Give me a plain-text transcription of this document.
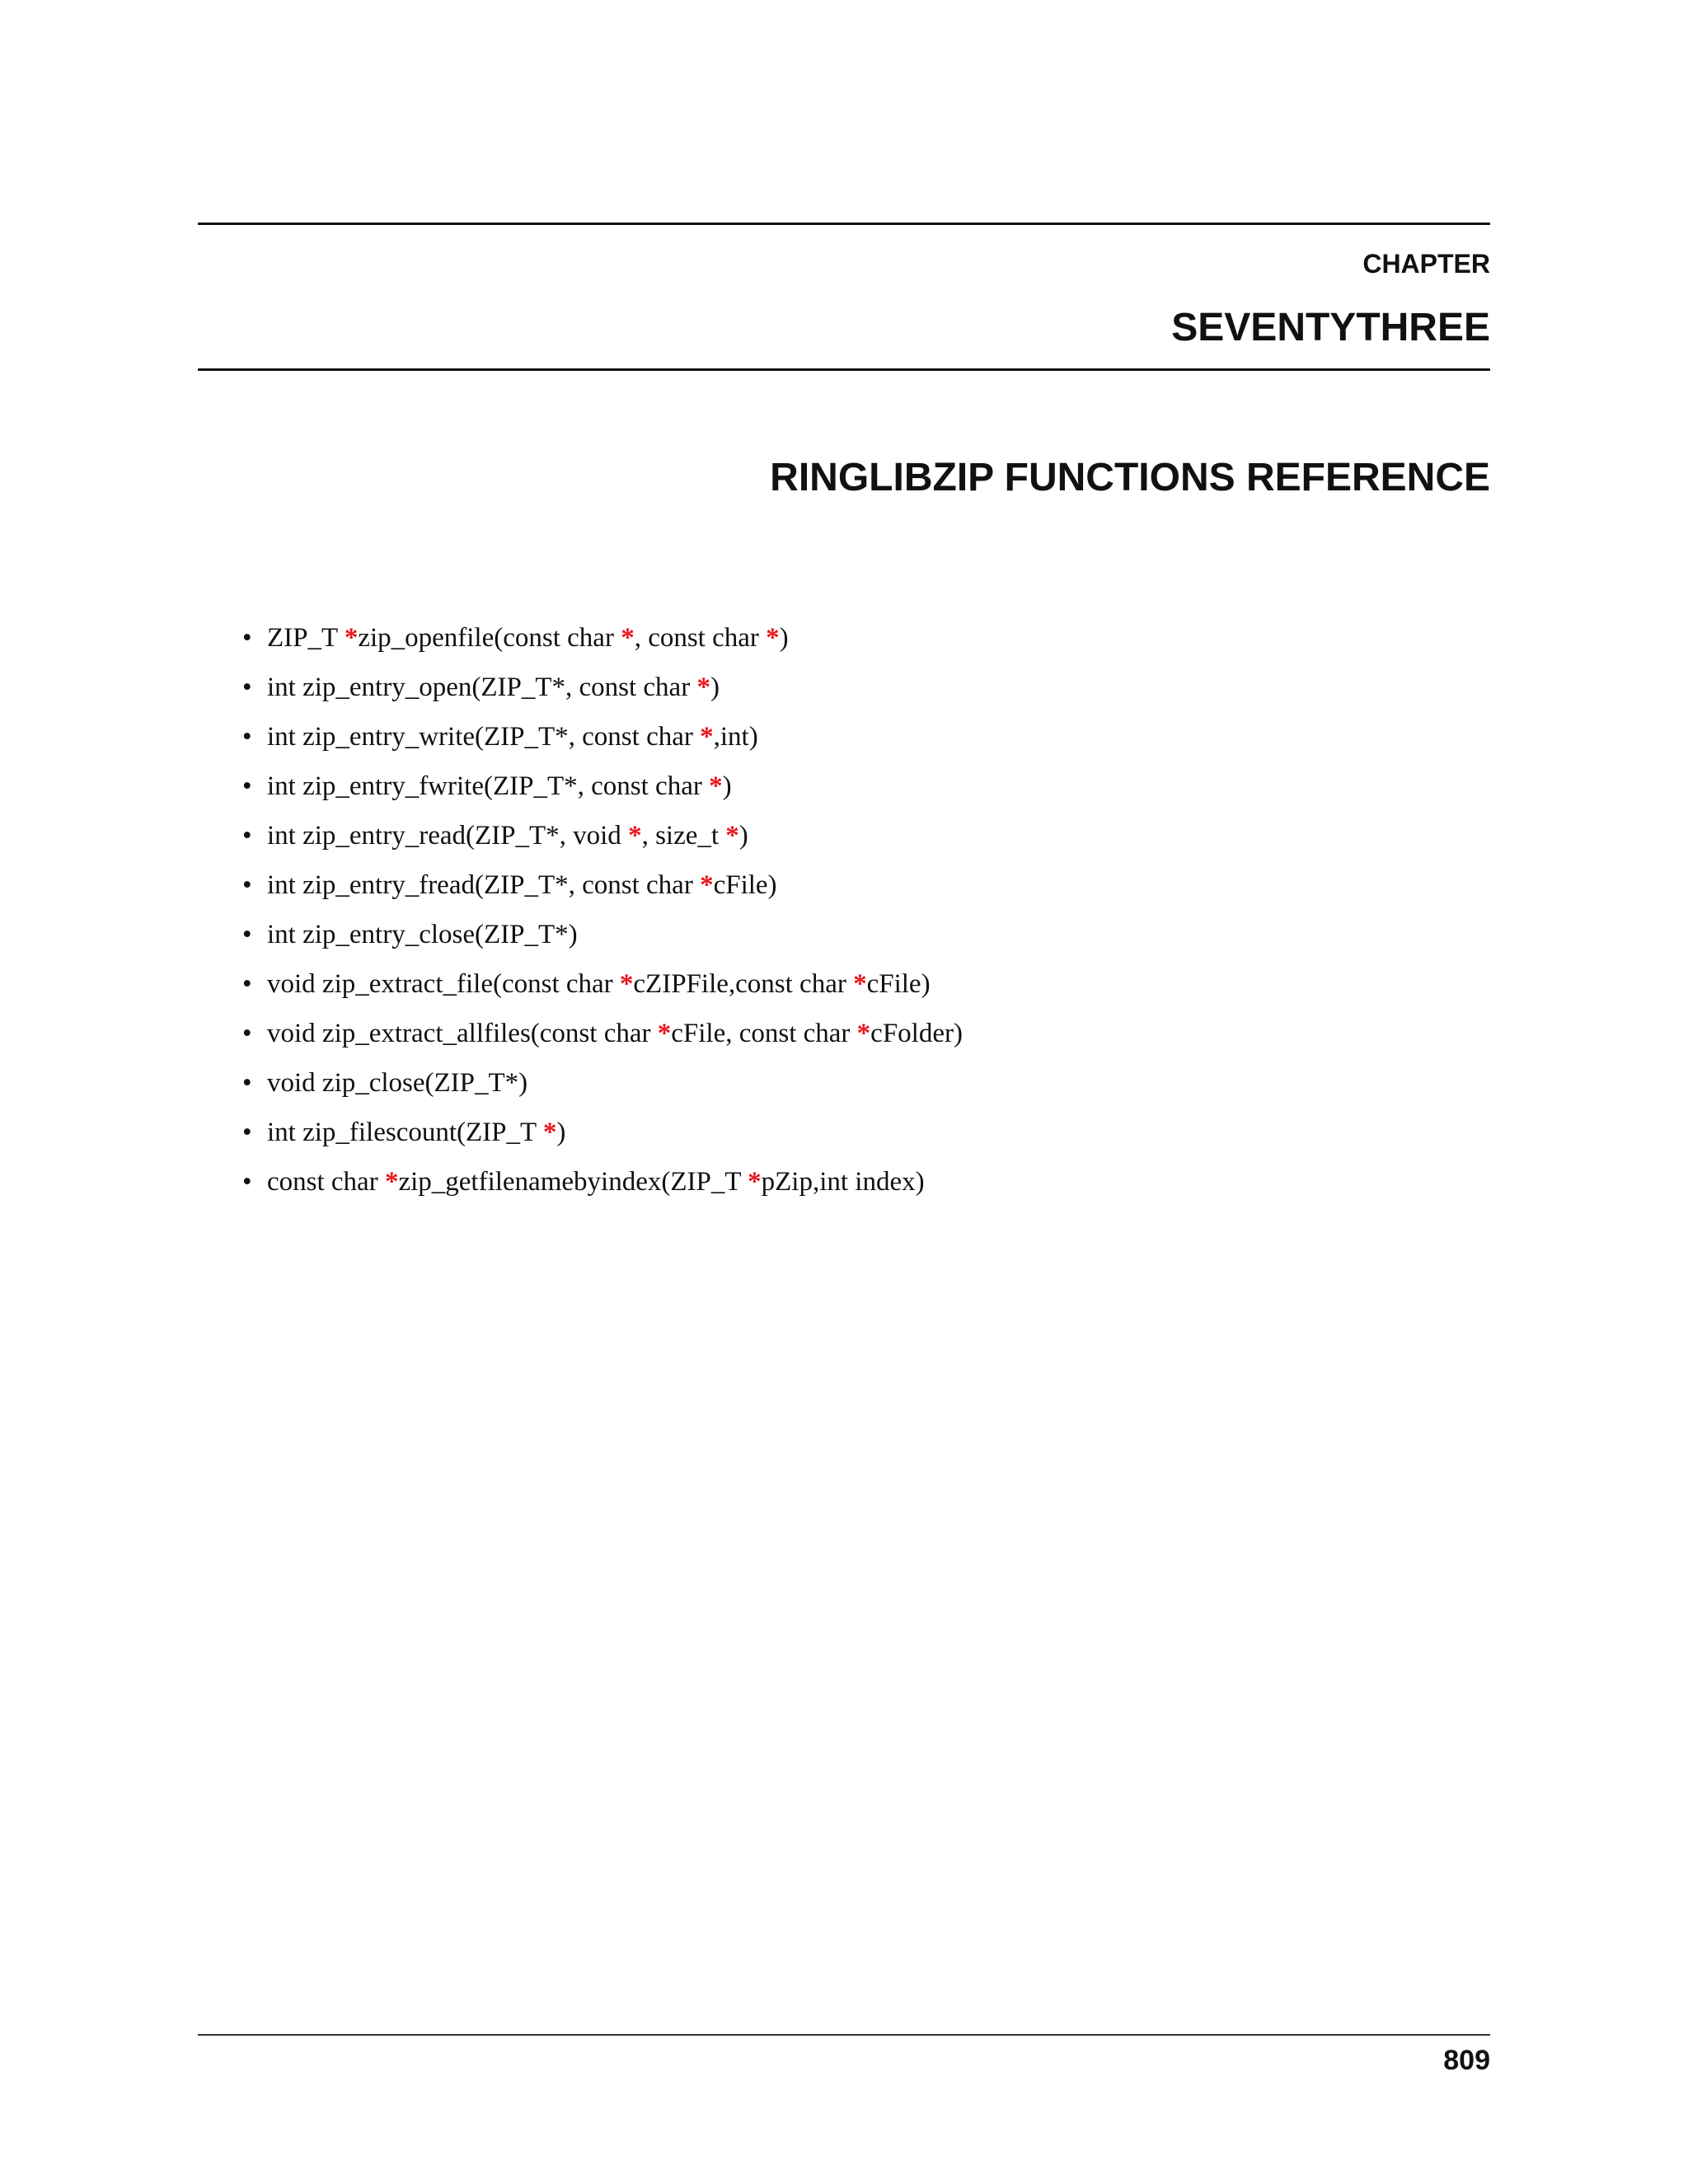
CHAPTER
SEVENTYTHREE
RINGLIBZIP FUNCTIONS REFERENCE
• ZIP_T *zip_openfile(const char *, const char *)
• int zip_entry_open(ZIP_T*, const char *)
• int zip_entry_write(ZIP_T*, const char *,int)
• int zip_entry_fwrite(ZIP_T*, const char *)
• int zip_entry_read(ZIP_T*, void *, size_t *)
• int zip_entry_fread(ZIP_T*, const char *cFile)
• int zip_entry_close(ZIP_T*)
• void zip_extract_file(const char *cZIPFile,const char *cFile)
• void zip_extract_allfiles(const char *cFile, const char *cFolder)
• void zip_close(ZIP_T*)
• int zip_filescount(ZIP_T *)
• const char *zip_getfilenamebyindex(ZIP_T *pZip,int index)
809
